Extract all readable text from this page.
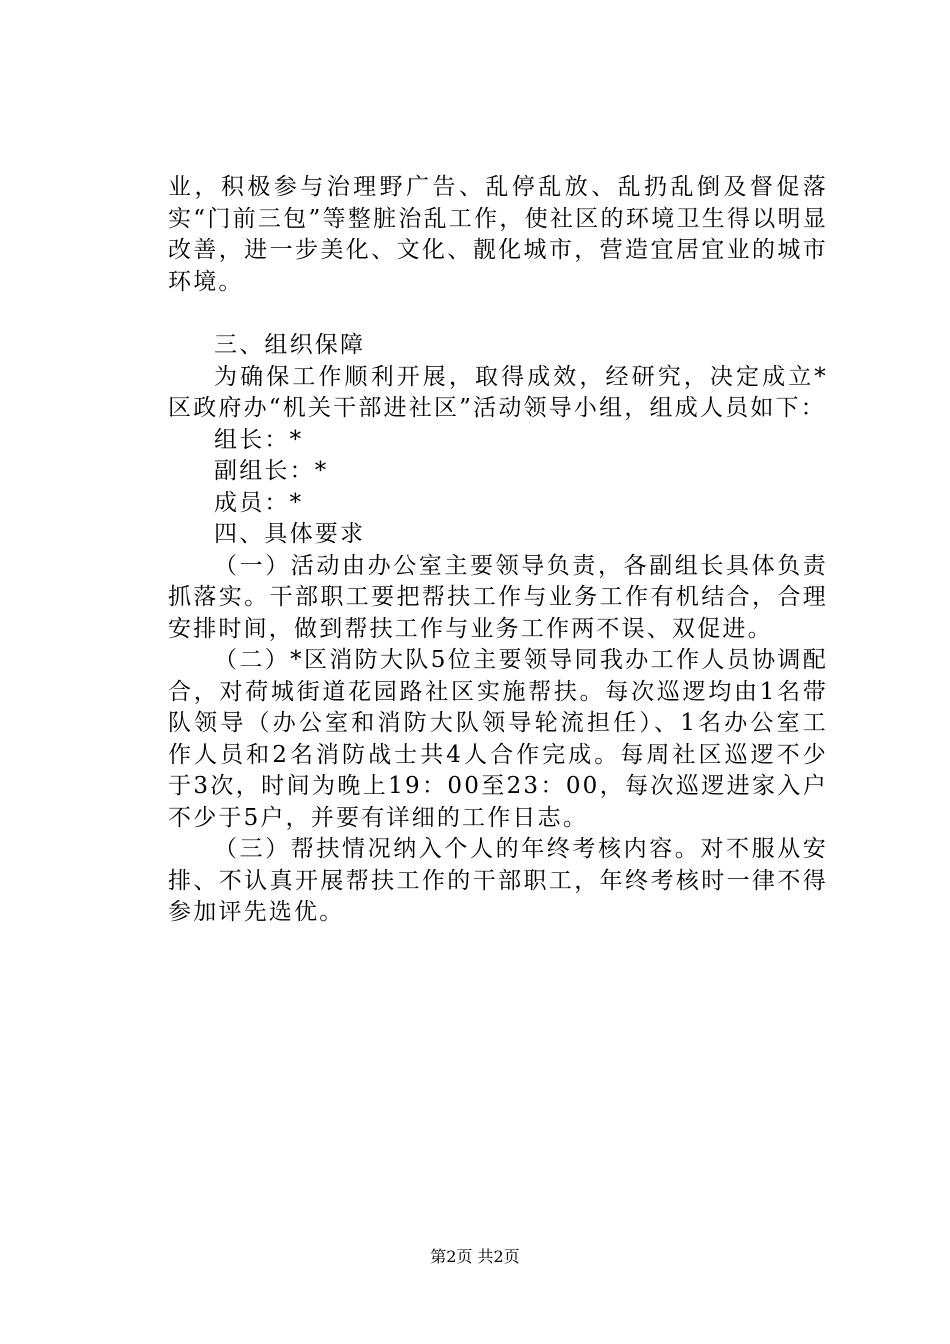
业，积极参与治理野广告、乱停乱放、乱扔乱倒及督促落实“门前三包”等整脏治乱工作，使社区的环境卫生得以明显改善，进一步美化、文化、靓化城市，营造宜居宜业的城市环境。

三、组织保障

为确保工作顺利开展，取得成效，经研究，决定成立*区政府办“机关干部进社区”活动领导小组，组成人员如下：

组长：*

副组长：*

成员：*

四、具体要求

（一）活动由办公室主要领导负责，各副组长具体负责抓落实。干部职工要把帮扶工作与业务工作有机结合，合理安排时间，做到帮扶工作与业务工作两不误、双促进。

（二）*区消防大队5位主要领导同我办工作人员协调配合，对荷城街道花园路社区实施帮扶。每次巡逻均由1名带队领导（办公室和消防大队领导轮流担任）、1名办公室工作人员和2名消防战士共4人合作完成。每周社区巡逻不少于3次，时间为晚上19：00至23：00，每次巡逻进家入户不少于5户，并要有详细的工作日志。

（三）帮扶情况纳入个人的年终考核内容。对不服从安排、不认真开展帮扶工作的干部职工，年终考核时一律不得参加评先选优。

第2页 共2页
